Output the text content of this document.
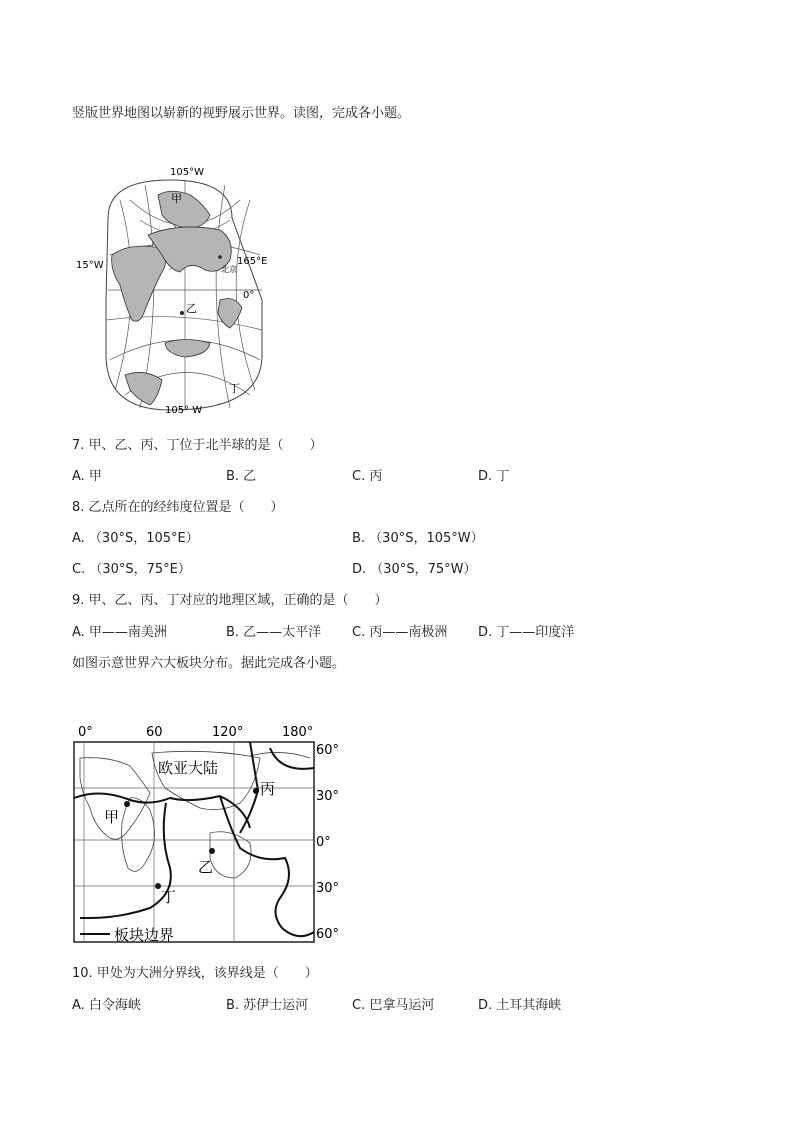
竖版世界地图以崭新的视野展示世界。读图，完成各小题。
105°W
15°W	165°E
北京
0°
甲
乙
丁
105° W
7. 甲、乙、丙、丁位于北半球的是（　　）
A. 甲	B. 乙	C. 丙	D. 丁
8. 乙点所在的经纬度位置是（　　）
A. （30°S，105°E）	B. （30°S，105°W）
C. （30°S，75°E）	D. （30°S，75°W）
9. 甲、乙、丙、丁对应的地理区域，正确的是（　　）
A. 甲——南美洲	B. 乙——太平洋 C. 丙——南极洲 D. 丁——印度洋
如图示意世界六大板块分布。据此完成各小题。
0°	60	120°	180°
60°
30°
0°
30°
60°
欧亚大陆
甲
丙
乙
丁
板块边界
10. 甲处为大洲分界线，该界线是（　　）
A. 白令海峡	B. 苏伊士运河	C. 巴拿马运河	D. 土耳其海峡
